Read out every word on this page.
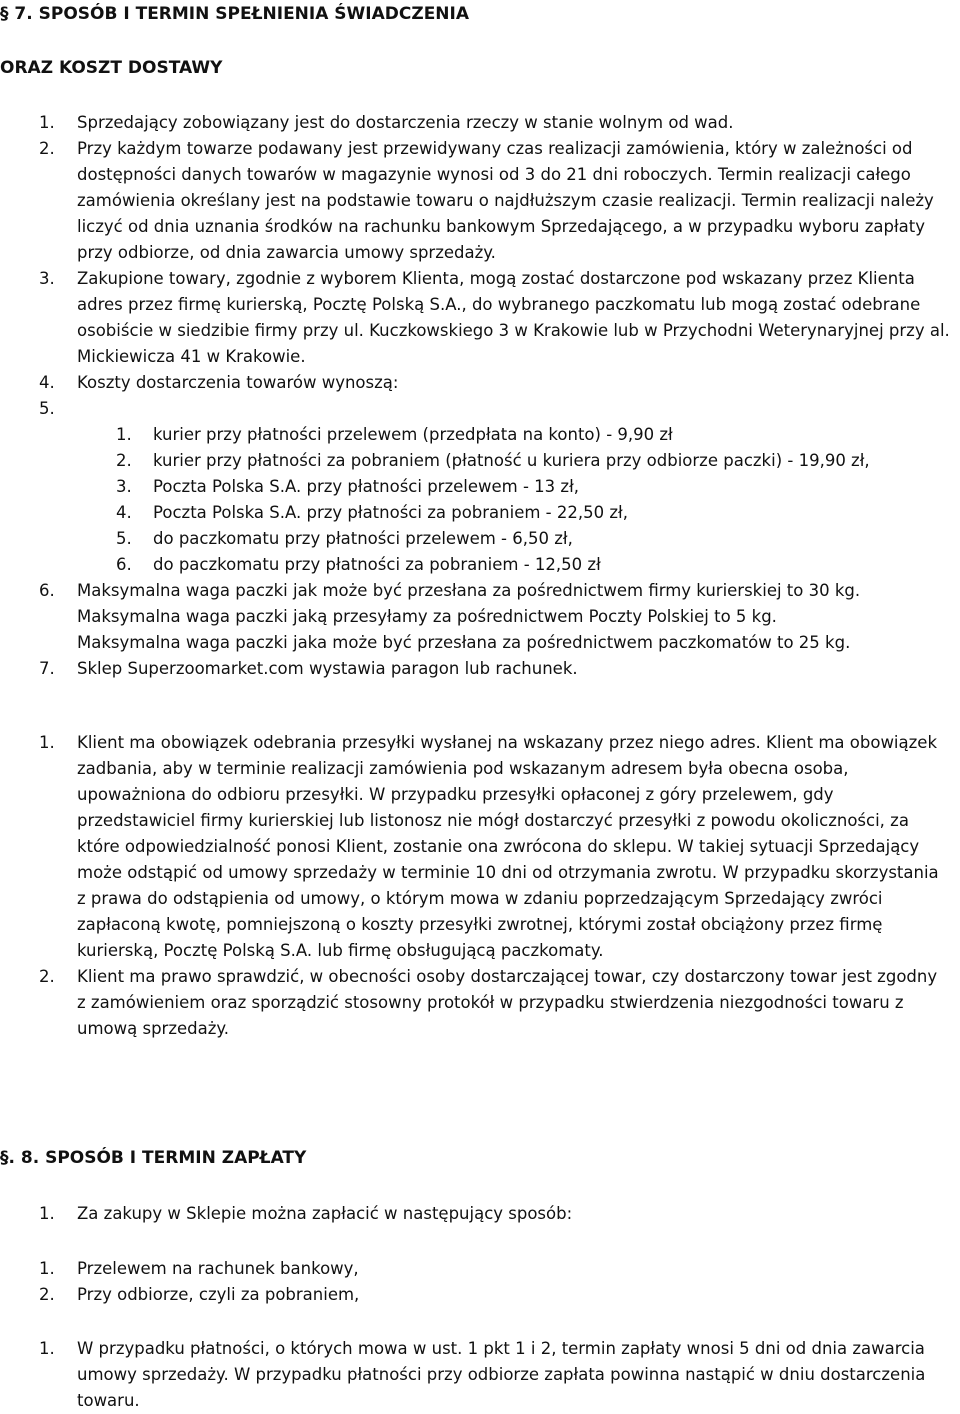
§ 7. SPOSÓB I TERMIN SPEŁNIENIA ŚWIADCZENIA
ORAZ KOSZT DOSTAWY
1. Sprzedający zobowiązany jest do dostarczenia rzeczy w stanie wolnym od wad.
2. Przy każdym towarze podawany jest przewidywany czas realizacji zamówienia, który w zależności od dostępności danych towarów w magazynie wynosi od 3 do 21 dni roboczych. Termin realizacji całego zamówienia określany jest na podstawie towaru o najdłuższym czasie realizacji. Termin realizacji należy liczyć od dnia uznania środków na rachunku bankowym Sprzedającego, a w przypadku wyboru zapłaty przy odbiorze, od dnia zawarcia umowy sprzedaży.
3. Zakupione towary, zgodnie z wyborem Klienta, mogą zostać dostarczone pod wskazany przez Klienta adres przez firmę kurierską, Pocztę Polską S.A., do wybranego paczkomatu lub mogą zostać odebrane osobiście w siedzibie firmy przy ul. Kuczkowskiego 3 w Krakowie lub w Przychodni Weterynaryjnej przy al. Mickiewicza 41 w Krakowie.
4. Koszty dostarczenia towarów wynoszą:
5.

1. kurier przy płatności przelewem (przedpłata na konto) - 9,90 zł
2. kurier przy płatności za pobraniem (płatność u kuriera przy odbiorze paczki) - 19,90 zł,
3. Poczta Polska S.A. przy płatności przelewem - 13 zł,
4. Poczta Polska S.A. przy płatności za pobraniem - 22,50 zł,
5. do paczkomatu przy płatności przelewem - 6,50 zł,
6. do paczkomatu przy płatności za pobraniem - 12,50 zł
6. Maksymalna waga paczki jak może być przesłana za pośrednictwem firmy kurierskiej to 30 kg.
Maksymalna waga paczki jaką przesyłamy za pośrednictwem Poczty Polskiej to 5 kg.
Maksymalna waga paczki jaka może być przesłana za pośrednictwem paczkomatów to 25 kg.
7. Sklep Superzoomarket.com wystawia paragon lub rachunek.
1. Klient ma obowiązek odebrania przesyłki wysłanej na wskazany przez niego adres. Klient ma obowiązek zadbania, aby w terminie realizacji zamówienia pod wskazanym adresem była obecna osoba, upoważniona do odbioru przesyłki. W przypadku przesyłki opłaconej z góry przelewem, gdy przedstawiciel firmy kurierskiej lub listonosz nie mógł dostarczyć przesyłki z powodu okoliczności, za które odpowiedzialność ponosi Klient, zostanie ona zwrócona do sklepu. W takiej sytuacji Sprzedający może odstąpić od umowy sprzedaży w terminie 10 dni od otrzymania zwrotu. W przypadku skorzystania z prawa do odstąpienia od umowy, o którym mowa w zdaniu poprzedzającym Sprzedający zwróci zapłaconą kwotę, pomniejszoną o koszty przesyłki zwrotnej, którymi został obciążony przez firmę kurierską, Pocztę Polską S.A. lub firmę obsługującą paczkomaty.
2. Klient ma prawo sprawdzić, w obecności osoby dostarczającej towar, czy dostarczony towar jest zgodny z zamówieniem oraz sporządzić stosowny protokół w przypadku stwierdzenia niezgodności towaru z umową sprzedaży.
§. 8. SPOSÓB I TERMIN ZAPŁATY
1. Za zakupy w Sklepie można zapłacić w następujący sposób:
1. Przelewem na rachunek bankowy,
2. Przy odbiorze, czyli za pobraniem,
1. W przypadku płatności, o których mowa w ust. 1 pkt 1 i 2, termin zapłaty wnosi 5 dni od dnia zawarcia umowy sprzedaży. W przypadku płatności przy odbiorze zapłata powinna nastąpić w dniu dostarczenia towaru.
